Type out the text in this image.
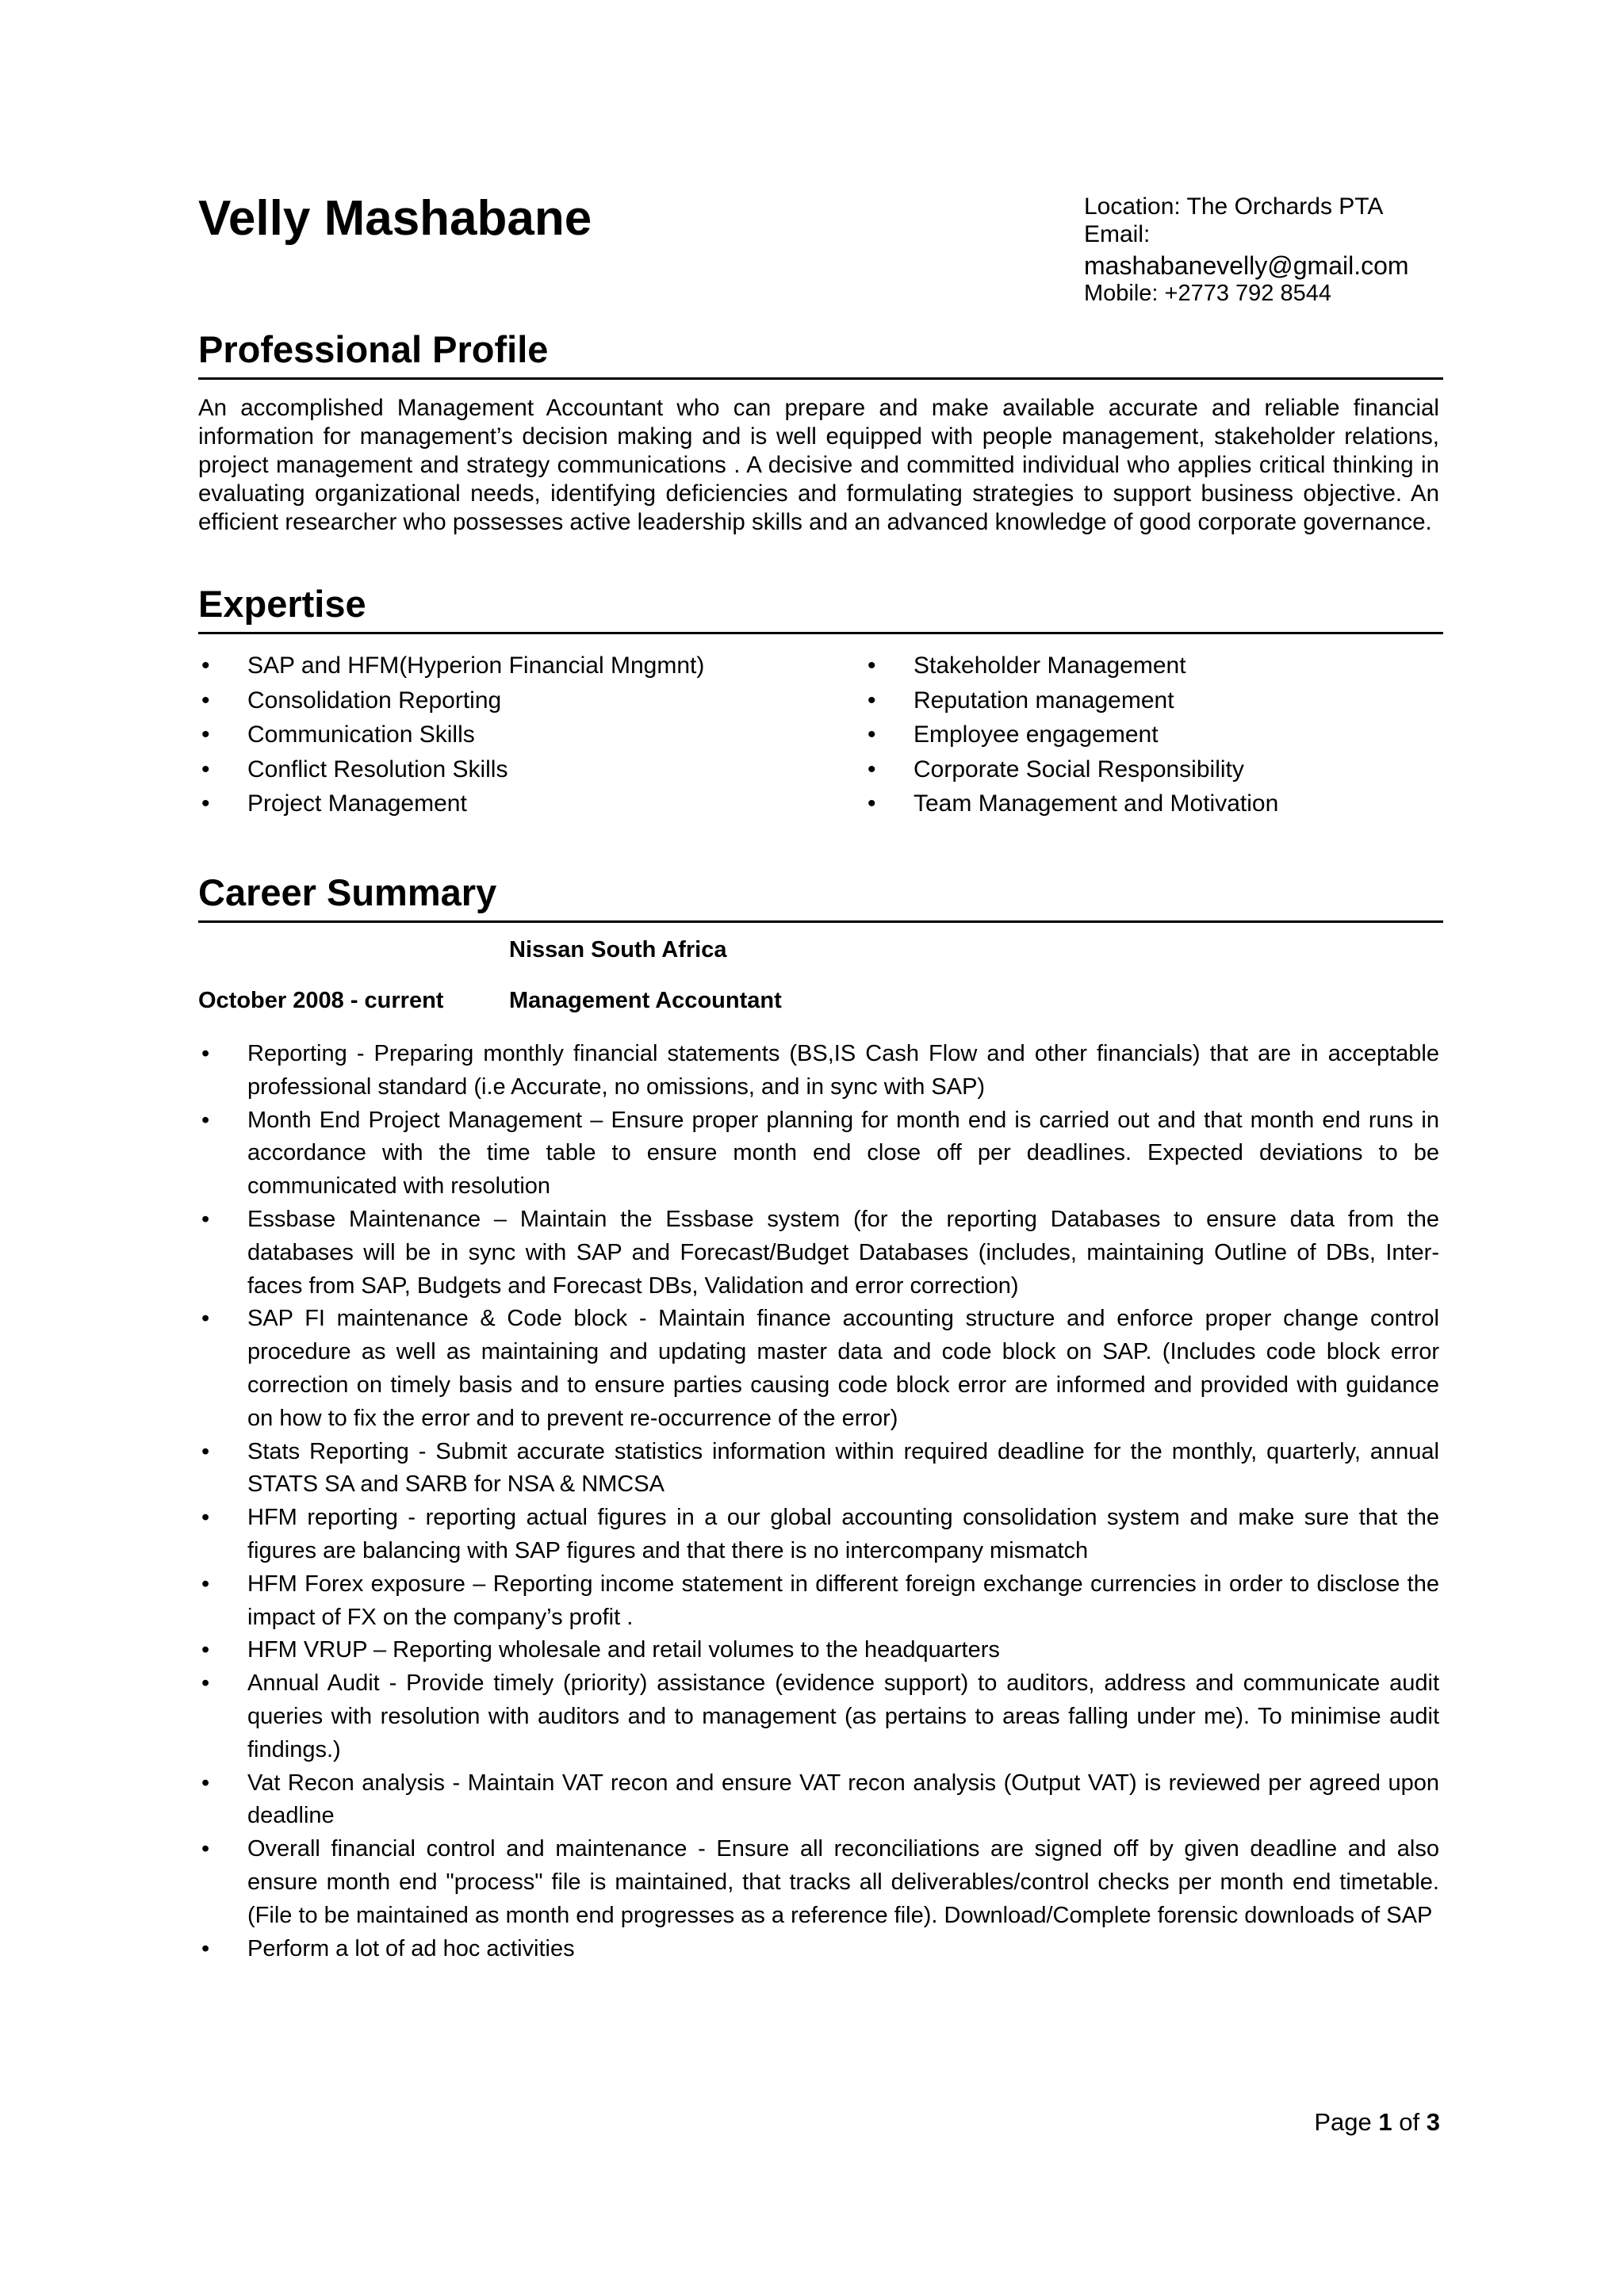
Velly Mashabane	Location: The Orchards PTA
Email:
mashabanevelly@gmail.com
Mobile: +2773 792 8544
Professional Profile

An accomplished Management Accountant who can prepare and make available accurate and reliable financial information for management’s decision making and is well equipped with people management, stakeholder relations, project management and strategy communications . A decisive and committed individual who applies critical thinking in evaluating organizational needs, identifying deficiencies and formulating strategies to support business objective. An efficient researcher who possesses active leadership skills and an advanced knowledge of good corporate governance.

Expertise
• SAP and HFM(Hyperion Financial Mngmnt)
• Consolidation Reporting
• Communication Skills
• Conflict Resolution Skills
• Project Management
• Stakeholder Management
• Reputation management
• Employee engagement
• Corporate Social Responsibility
• Team Management and Motivation
Career Summary

Nissan South Africa

October 2008 - current	Management Accountant

• Reporting - Preparing monthly financial statements (BS,IS Cash Flow and other financials) that are in acceptable professional standard (i.e Accurate, no omissions, and in sync with SAP)
• Month End Project Management – Ensure proper planning for month end is carried out and that month end runs in accordance with the time table to ensure month end close off per deadlines. Expected deviations to be communicated with resolution
• Essbase Maintenance – Maintain the Essbase system (for the reporting Databases to ensure data from the databases will be in sync with SAP and Forecast/Budget Databases (includes, maintaining Outline of DBs, Inter-faces from SAP, Budgets and Forecast DBs, Validation and error correction)
• SAP FI maintenance & Code block - Maintain finance accounting structure and enforce proper change control procedure as well as maintaining and updating master data and code block on SAP. (Includes code block error correction on timely basis and to ensure parties causing code block error are informed and provided with guidance on how to fix the error and to prevent re-occurrence of the error)
• Stats Reporting - Submit accurate statistics information within required deadline for the monthly, quarterly, annual STATS SA and SARB for NSA & NMCSA
• HFM reporting - reporting actual figures in a our global accounting consolidation system and make sure that the figures are balancing with SAP figures and that there is no intercompany mismatch
• HFM Forex exposure – Reporting income statement in different foreign exchange currencies in order to disclose the impact of FX on the company’s profit .
• HFM VRUP – Reporting wholesale and retail volumes to the headquarters
• Annual Audit - Provide timely (priority) assistance (evidence support) to auditors, address and communicate audit queries with resolution with auditors and to management (as pertains to areas falling under me). To minimise audit findings.)
• Vat Recon analysis - Maintain VAT recon and ensure VAT recon analysis (Output VAT) is reviewed per agreed upon deadline
• Overall financial control and maintenance - Ensure all reconciliations are signed off by given deadline and also ensure month end "process" file is maintained, that tracks all deliverables/control checks per month end timetable. (File to be maintained as month end progresses as a reference file). Download/Complete forensic downloads of SAP
• Perform a lot of ad hoc activities
Page 1 of 3
